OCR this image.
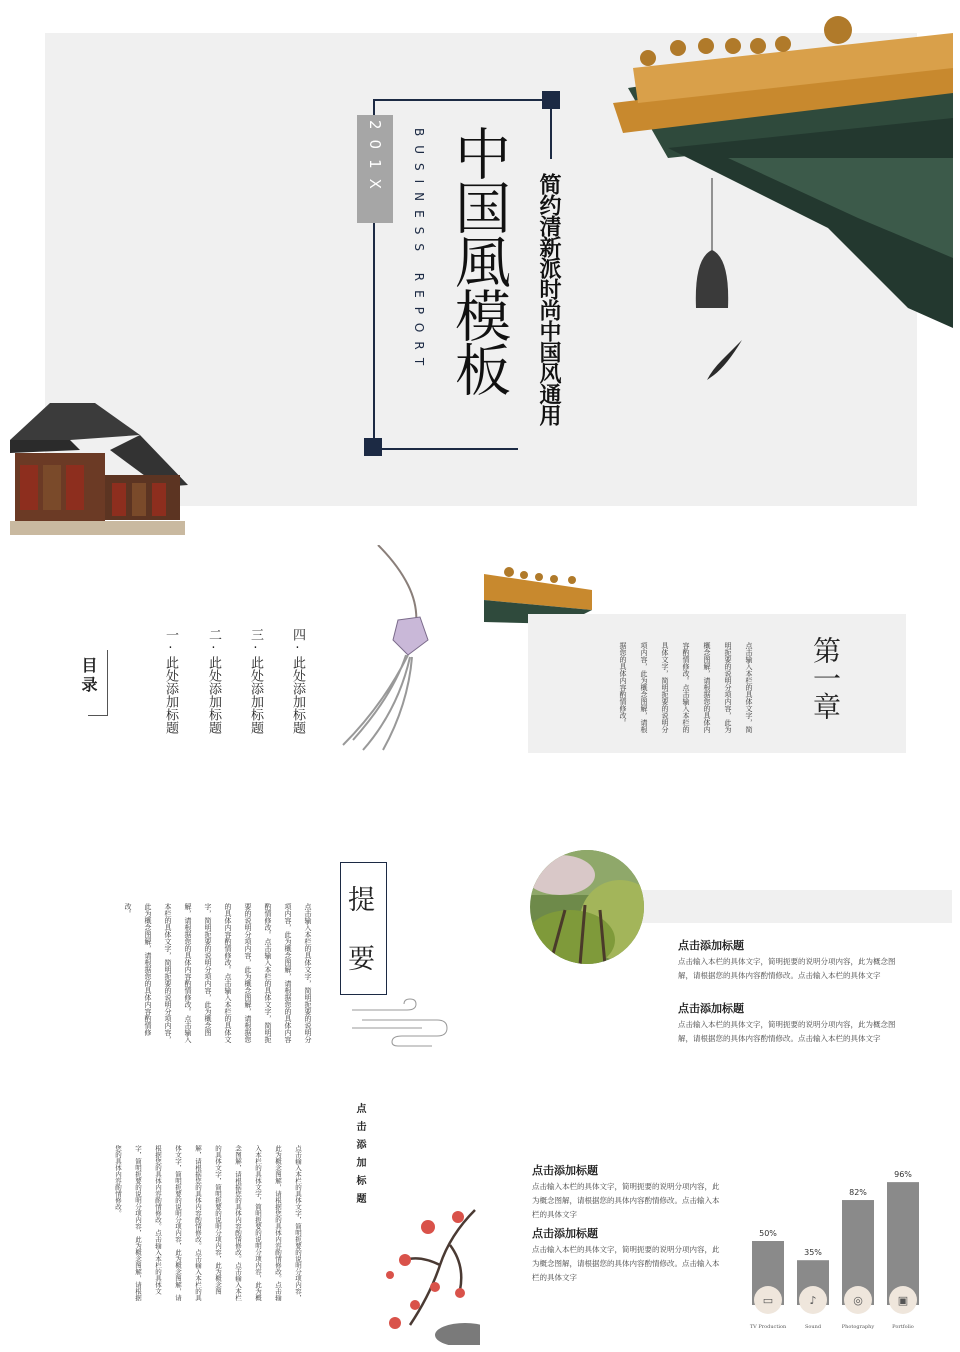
201X BUSINESS REPORT 中国風模板 简约清新派时尚中国风通用
目录	一·此处添加标题 二·此处添加标题 三·此处添加标题 四·此处添加标题	第一章
点击输入本栏的具体文字，简明扼要的说明分项内容，此为概念图解，请根据您的具体内容酌情修改。点击输入本栏的具体文字，简明扼要的说明分项内容，此为概念图解，请根据您的具体内容酌情修改。
提
要
点击输入本栏的具体文字，简明扼要的说明分项内容，此为概念图解，请根据您的具体内容酌情修改。点击输入本栏的具体文字，简明扼要的说明分项内容，此为概念图解，请根据您的具体内容酌情修改。点击输入本栏的具体文字，简明扼要的说明分项内容，此为概念图解，请根据您的具体内容酌情修改。点击输入本栏的具体文字，简明扼要的说明分项内容，此为概念图解，请根据您的具体内容酌情修改。
点击添加标题
点击输入本栏的具体文字，简明扼要的说明分项内容，此为概念图解，请根据您的具体内容酌情修改。点击输入本栏的具体文字
点击添加标题
点击输入本栏的具体文字，简明扼要的说明分项内容，此为概念图解，请根据您的具体内容酌情修改。点击输入本栏的具体文字
点击添加标题
点击输入本栏的具体文字，简明扼要的说明分项内容，此为概念图解，请根据您的具体内容酌情修改。点击输入本栏的具体文字，简明扼要的说明分项内容，此为概念图解，请根据您的具体内容酌情修改。点击输入本栏的具体文字，简明扼要的说明分项内容，此为概念图解，请根据您的具体内容酌情修改。点击输入本栏的具体文字，简明扼要的说明分项内容，此为概念图解，请根据您的具体内容酌情修改。点击输入本栏的具体文字，简明扼要的说明分项内容，此为概念图解，请根据您的具体内容酌情修改。	点击添加标题
点击输入本栏的具体文字，简明扼要的说明分项内容，此为概念图解，请根据您的具体内容酌情修改。点击输入本栏的具体文字
点击添加标题
点击输入本栏的具体文字，简明扼要的说明分项内容，此为概念图解，请根据您的具体内容酌情修改。点击输入本栏的具体文字
50%
▭
TV Production
35%
♪
Sound
82%
◎
Photography
96%
▣
Portfolio
